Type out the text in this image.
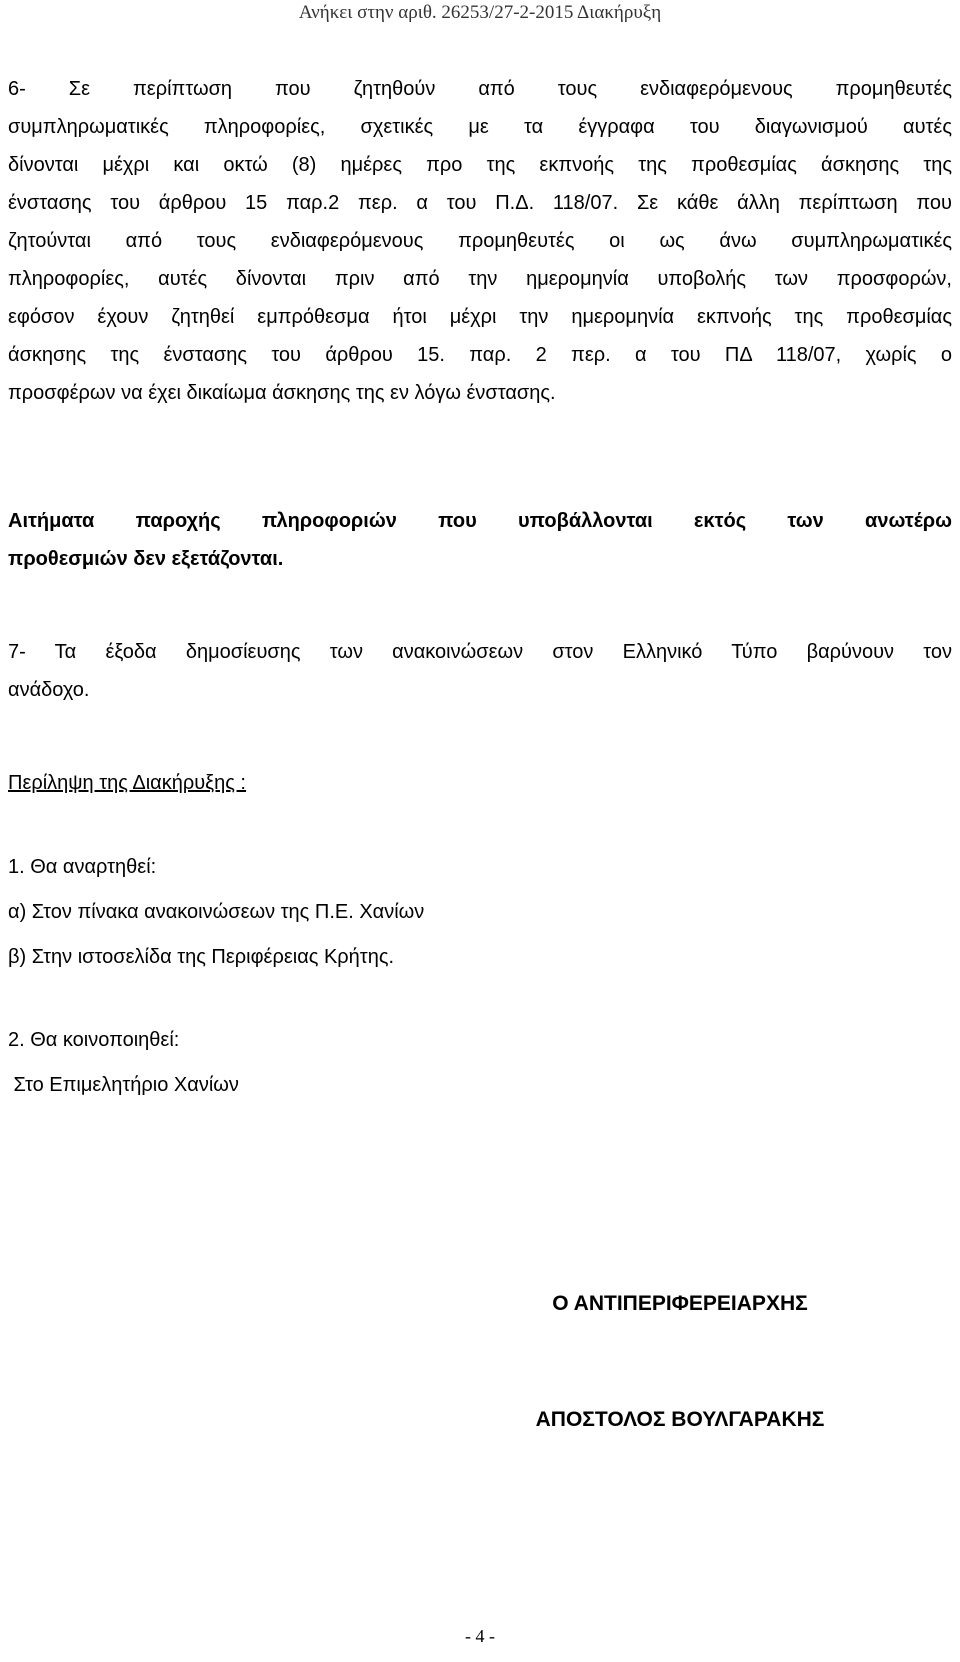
Ανήκει στην αριθ. 26253/27-2-2015 Διακήρυξη
6- Σε περίπτωση που ζητηθούν από τους ενδιαφερόμενους προμηθευτές
συμπληρωματικές πληροφορίες, σχετικές με τα έγγραφα του διαγωνισμού αυτές
δίνονται μέχρι και οκτώ (8) ημέρες προ της εκπνοής της προθεσμίας άσκησης της
ένστασης του άρθρου 15 παρ.2 περ. α του Π.Δ. 118/07. Σε κάθε άλλη περίπτωση που
ζητούνται από τους ενδιαφερόμενους προμηθευτές οι ως άνω συμπληρωματικές
πληροφορίες, αυτές δίνονται πριν από την ημερομηνία υποβολής των προσφορών,
εφόσον έχουν ζητηθεί εμπρόθεσμα ήτοι μέχρι την ημερομηνία εκπνοής της προθεσμίας
άσκησης της ένστασης του άρθρου 15. παρ. 2 περ. α του ΠΔ 118/07, χωρίς ο
προσφέρων να έχει δικαίωμα άσκησης της εν λόγω ένστασης.
Αιτήματα παροχής πληροφοριών που υποβάλλονται εκτός των ανωτέρω
προθεσμιών δεν εξετάζονται.
7- Τα έξοδα δημοσίευσης των ανακοινώσεων στον Ελληνικό Τύπο βαρύνουν τον
ανάδοχο.
Περίληψη της Διακήρυξης :
1. Θα αναρτηθεί:
α) Στον πίνακα ανακοινώσεων της Π.Ε. Χανίων
β) Στην ιστοσελίδα της Περιφέρειας Κρήτης.
2. Θα κοινοποιηθεί:
Στο Επιμελητήριο Χανίων
Ο ΑΝΤΙΠΕΡΙΦΕΡΕΙΑΡΧΗΣ
ΑΠΟΣΤΟΛΟΣ ΒΟΥΛΓΑΡΑΚΗΣ
- 4 -
